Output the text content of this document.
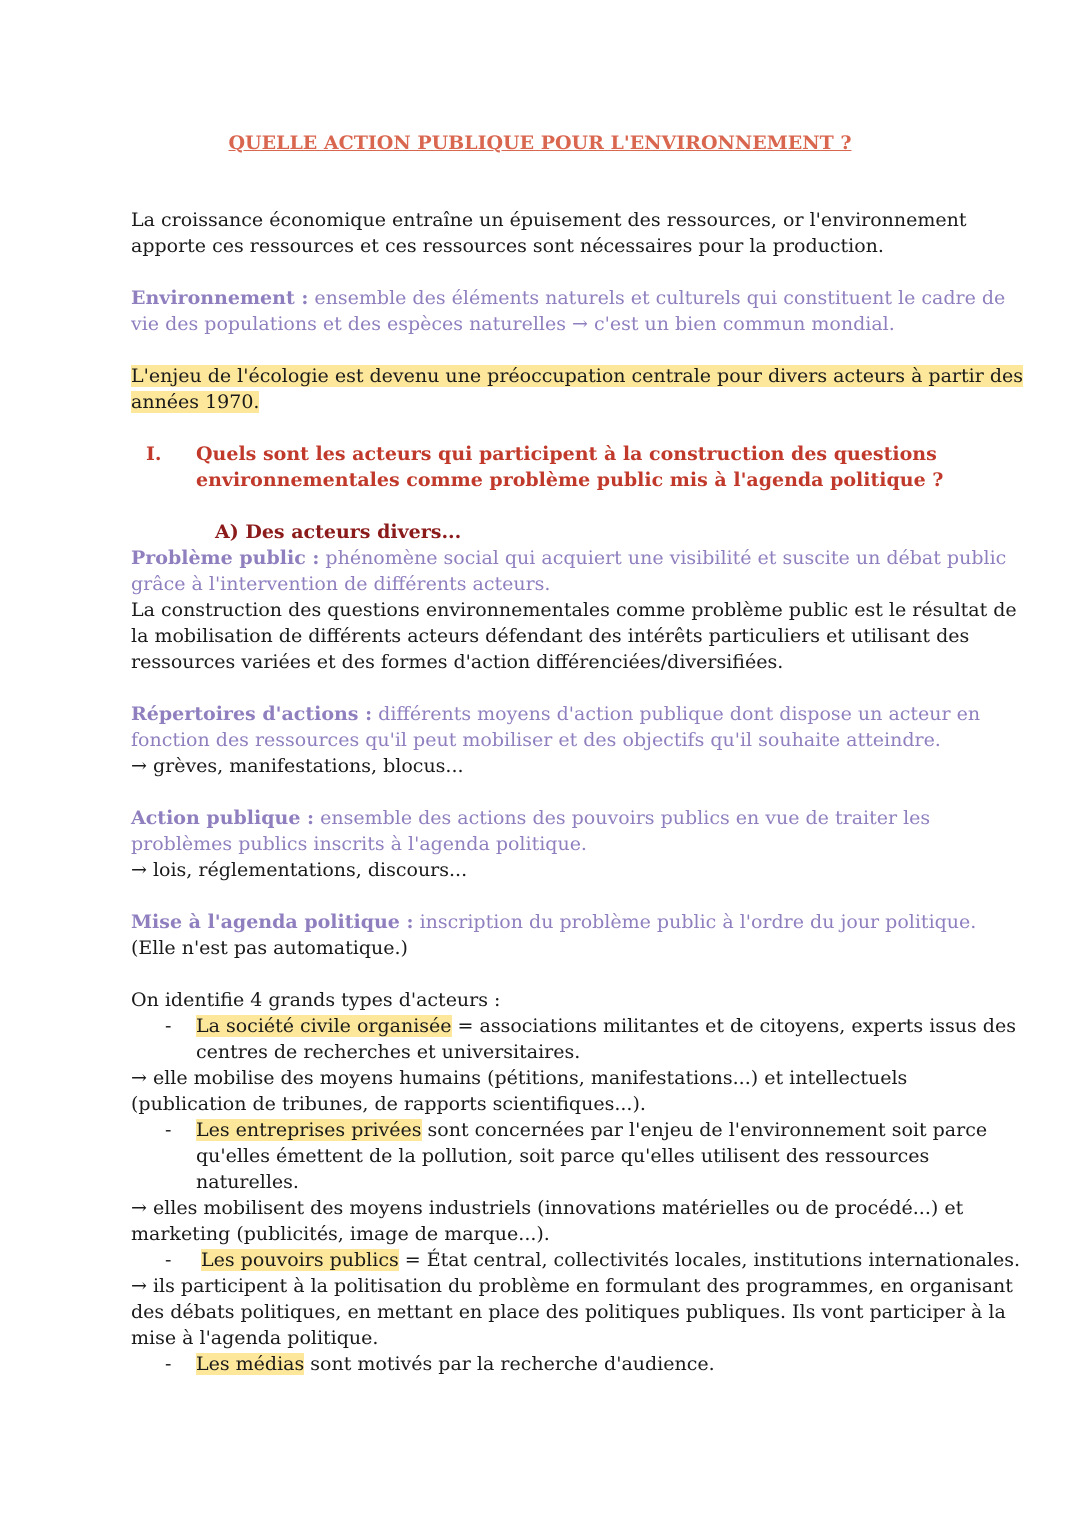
QUELLE ACTION PUBLIQUE POUR L'ENVIRONNEMENT ?
La croissance économique entraîne un épuisement des ressources, or l'environnement
apporte ces ressources et ces ressources sont nécessaires pour la production.
Environnement : ensemble des éléments naturels et culturels qui constituent le cadre de
vie des populations et des espèces naturelles → c'est un bien commun mondial.
L'enjeu de l'écologie est devenu une préoccupation centrale pour divers acteurs à partir des
années 1970.
I. Quels sont les acteurs qui participent à la construction des questions
environnementales comme problème public mis à l'agenda politique ?
A) Des acteurs divers...
Problème public : phénomène social qui acquiert une visibilité et suscite un débat public
grâce à l'intervention de différents acteurs.
La construction des questions environnementales comme problème public est le résultat de
la mobilisation de différents acteurs défendant des intérêts particuliers et utilisant des
ressources variées et des formes d'action différenciées/diversifiées.
Répertoires d'actions : différents moyens d'action publique dont dispose un acteur en
fonction des ressources qu'il peut mobiliser et des objectifs qu'il souhaite atteindre.
→ grèves, manifestations, blocus...
Action publique : ensemble des actions des pouvoirs publics en vue de traiter les
problèmes publics inscrits à l'agenda politique.
→ lois, réglementations, discours...
Mise à l'agenda politique : inscription du problème public à l'ordre du jour politique.
(Elle n'est pas automatique.)
On identifie 4 grands types d'acteurs :
- La société civile organisée = associations militantes et de citoyens, experts issus des
centres de recherches et universitaires.
→ elle mobilise des moyens humains (pétitions, manifestations...) et intellectuels
(publication de tribunes, de rapports scientifiques...).
- Les entreprises privées sont concernées par l'enjeu de l'environnement soit parce
qu'elles émettent de la pollution, soit parce qu'elles utilisent des ressources
naturelles.
→ elles mobilisent des moyens industriels (innovations matérielles ou de procédé...) et
marketing (publicités, image de marque...).
- Les pouvoirs publics = État central, collectivités locales, institutions internationales.
→ ils participent à la politisation du problème en formulant des programmes, en organisant
des débats politiques, en mettant en place des politiques publiques. Ils vont participer à la
mise à l'agenda politique.
- Les médias sont motivés par la recherche d'audience.
